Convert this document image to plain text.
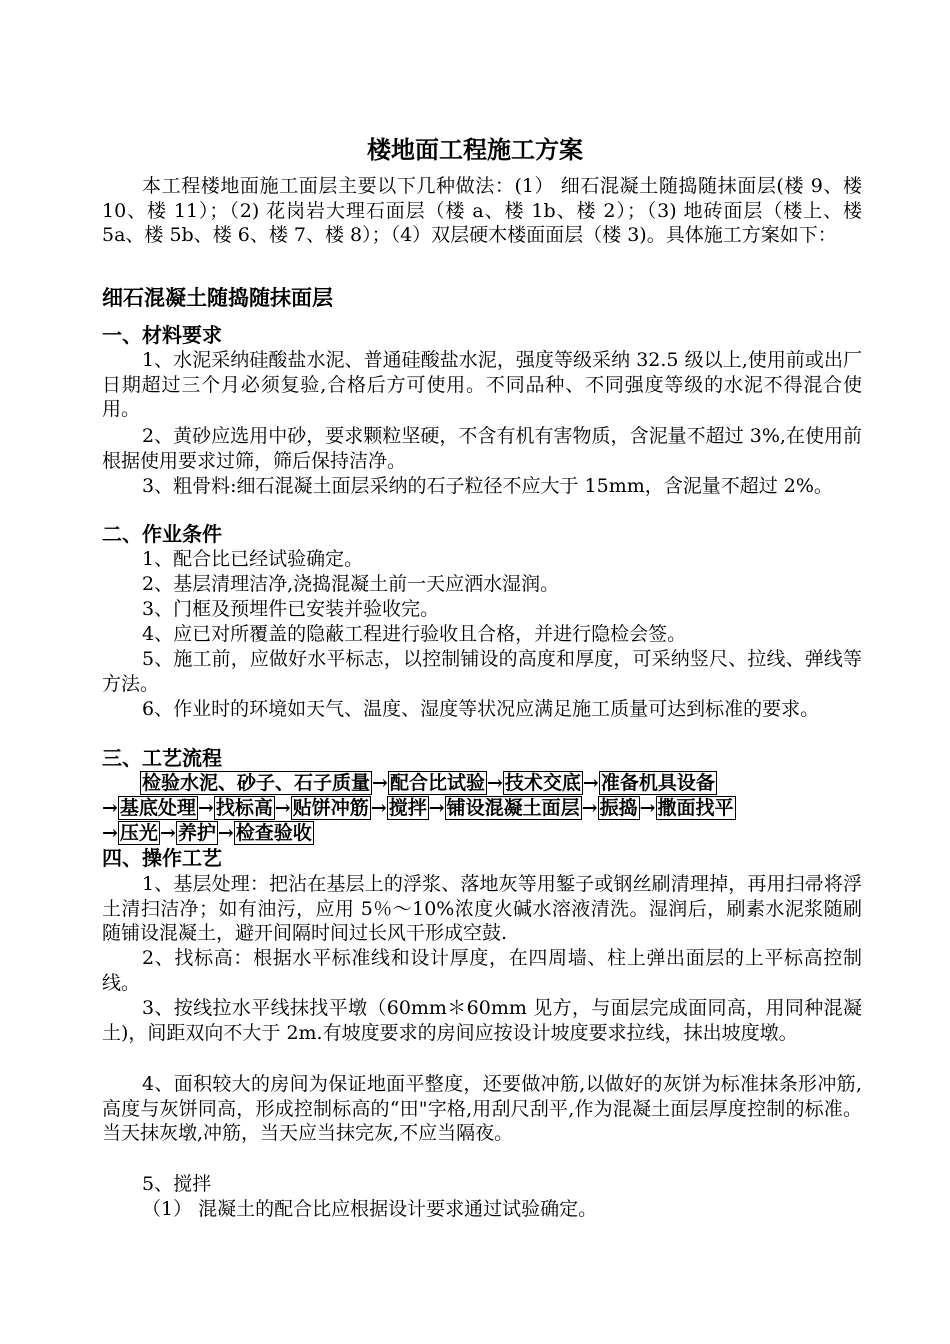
楼地面工程施工方案
本工程楼地面施工面层主要以下几种做法：(1） 细石混凝土随捣随抹面层(楼 9、楼 10、楼 11）；（2) 花岗岩大理石面层（楼 a、楼 1b、楼 2）；（3) 地砖面层（楼上、楼 5a、楼 5b、楼 6、楼 7、楼 8）；（4）双层硬木楼面面层（楼 3)。具体施工方案如下：
细石混凝土随捣随抹面层
一、材料要求
1、水泥采纳硅酸盐水泥、普通硅酸盐水泥，强度等级采纳 32.5 级以上,使用前或出厂日期超过三个月必须复验,合格后方可使用。不同品种、不同强度等级的水泥不得混合使用。
2、黄砂应选用中砂，要求颗粒坚硬，不含有机有害物质，含泥量不超过 3%,在使用前根据使用要求过筛，筛后保持洁净。
3、粗骨料:细石混凝土面层采纳的石子粒径不应大于 15mm，含泥量不超过 2%。
二、作业条件
1、配合比已经试验确定。
2、基层清理洁净,浇捣混凝土前一天应洒水湿润。
3、门框及预埋件已安装并验收完。
4、应已对所覆盖的隐蔽工程进行验收且合格，并进行隐检会签。
5、施工前，应做好水平标志，以控制铺设的高度和厚度，可采纳竖尺、拉线、弹线等方法。
6、作业时的环境如天气、温度、湿度等状况应满足施工质量可达到标准的要求。
三、工艺流程
检验水泥、砂子、石子质量 → 配合比试验 → 技术交底 → 准备机具设备
→ 基底处理 → 找标高 → 贴饼冲筋 → 搅拌 → 铺设混凝土面层 → 振捣 → 撒面找平
→ 压光 → 养护 → 检查验收
四、操作工艺
1、基层处理：把沾在基层上的浮浆、落地灰等用錾子或钢丝刷清理掉，再用扫帚将浮土清扫洁净；如有油污，应用 5％～10%浓度火碱水溶液清洗。湿润后，刷素水泥浆随刷随铺设混凝土，避开间隔时间过长风干形成空鼓.
2、找标高：根据水平标准线和设计厚度，在四周墙、柱上弹出面层的上平标高控制线。
3、按线拉水平线抹找平墩（60mm＊60mm 见方，与面层完成面同高，用同种混凝土)，间距双向不大于 2m.有坡度要求的房间应按设计坡度要求拉线，抹出坡度墩。
4、面积较大的房间为保证地面平整度，还要做冲筋,以做好的灰饼为标准抹条形冲筋,高度与灰饼同高，形成控制标高的“田"字格,用刮尺刮平,作为混凝土面层厚度控制的标准。当天抹灰墩,冲筋，当天应当抹完灰,不应当隔夜。
5、搅拌
（1） 混凝土的配合比应根据设计要求通过试验确定。
